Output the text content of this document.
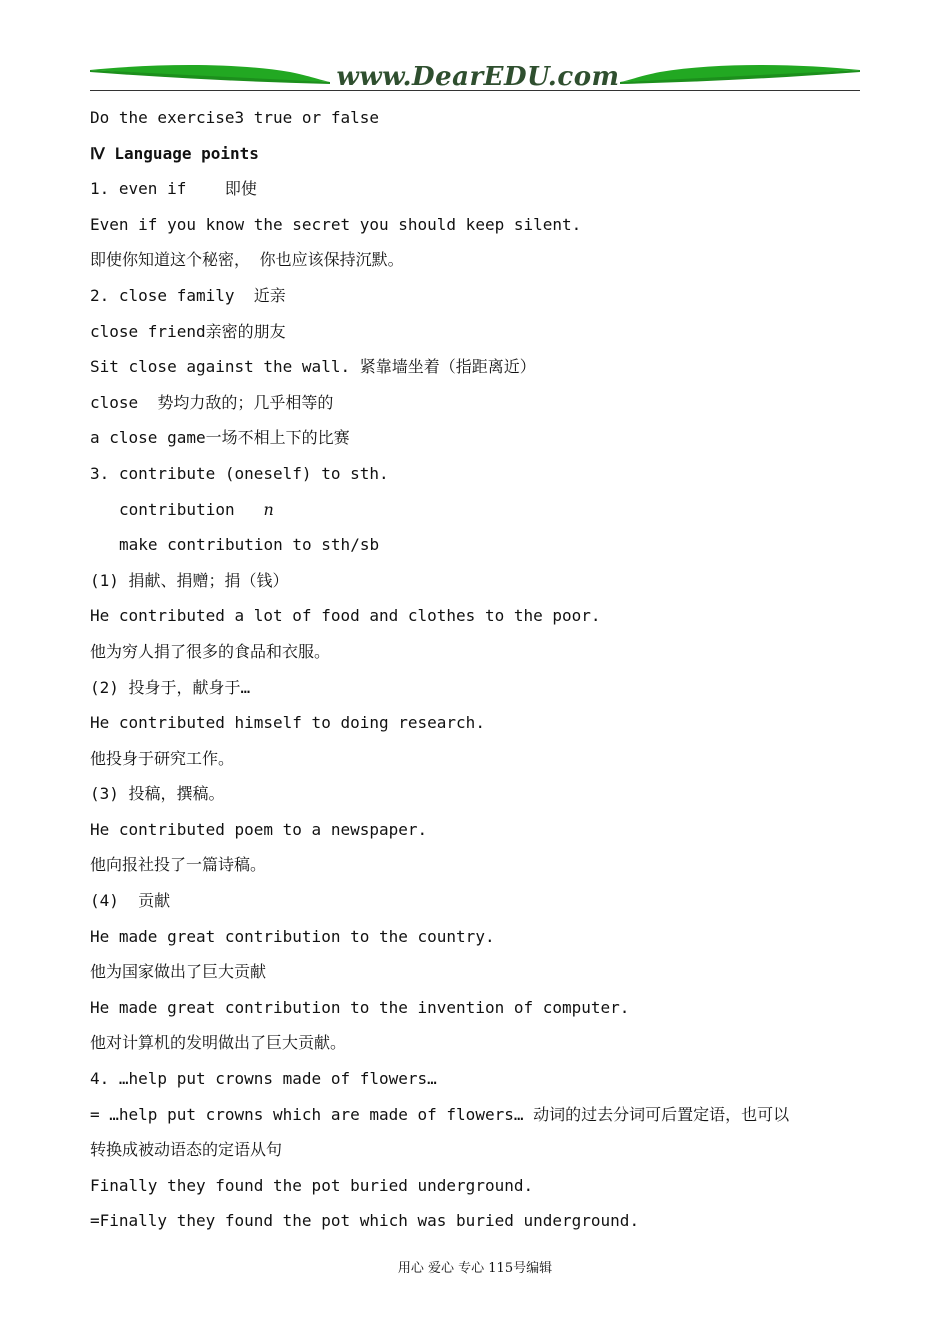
www.DearEDU.com

Do the exercise3 true or false

Ⅳ Language points

1. even if    即使

Even if you know the secret you should keep silent.

即使你知道这个秘密， 你也应该保持沉默。

2. close family  近亲

close friend亲密的朋友

Sit close against the wall. 紧靠墙坐着（指距离近）

close  势均力敌的；几乎相等的

a close game一场不相上下的比赛

3. contribute (oneself) to sth.

contribution   n

make contribution to sth/sb

(1) 捐献、捐赠；捐（钱）

He contributed a lot of food and clothes to the poor.

他为穷人捐了很多的食品和衣服。

(2) 投身于，献身于…

He contributed himself to doing research.

他投身于研究工作。

(3) 投稿，撰稿。

He contributed poem to a newspaper.

他向报社投了一篇诗稿。

(4)  贡献

He made great contribution to the country.

他为国家做出了巨大贡献

He made great contribution to the invention of computer.

他对计算机的发明做出了巨大贡献。

4. …help put crowns made of flowers…

= …help put crowns which are made of flowers… 动词的过去分词可后置定语，也可以

转换成被动语态的定语从句

Finally they found the pot buried underground.

=Finally they found the pot which was buried underground.

用心 爱心 专心 115号编辑
